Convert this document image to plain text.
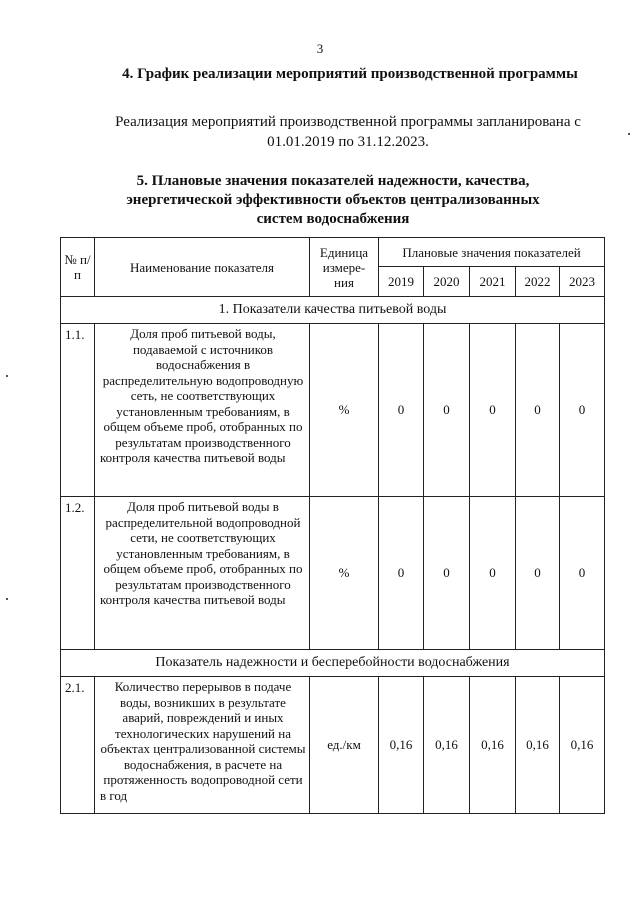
3
4. График реализации мероприятий производственной программы
Реализация мероприятий производственной программы запланирована с 01.01.2019 по 31.12.2023.
5. Плановые значения показателей надежности, качества, энергетической эффективности объектов централизованных систем водоснабжения
№ п/п	Наименование показателя	Единица измере-ния	Плановые значения показателей				
			2019	2020	2021	2022	2023
1. Показатели качества питьевой воды							
1.1.	Доля проб питьевой воды, подаваемой с источников водоснабжения в распределительную водопроводную сеть, не соответствующих установленным требованиям, в общем объеме проб, отобранных по результатам производственного контроля качества питьевой воды	%	0	0	0	0	0
1.2.	Доля проб питьевой воды в распределительной водопроводной сети, не соответствующих установленным требованиям, в общем объеме проб, отобранных по результатам производственного контроля качества питьевой воды	%	0	0	0	0	0
Показатель надежности и бесперебойности водоснабжения							
2.1.	Количество перерывов в подаче воды, возникших в результате аварий, повреждений и иных технологических нарушений на объектах централизованной системы водоснабжения, в расчете на протяженность водопроводной сети в год	ед./км	0,16	0,16	0,16	0,16	0,16
